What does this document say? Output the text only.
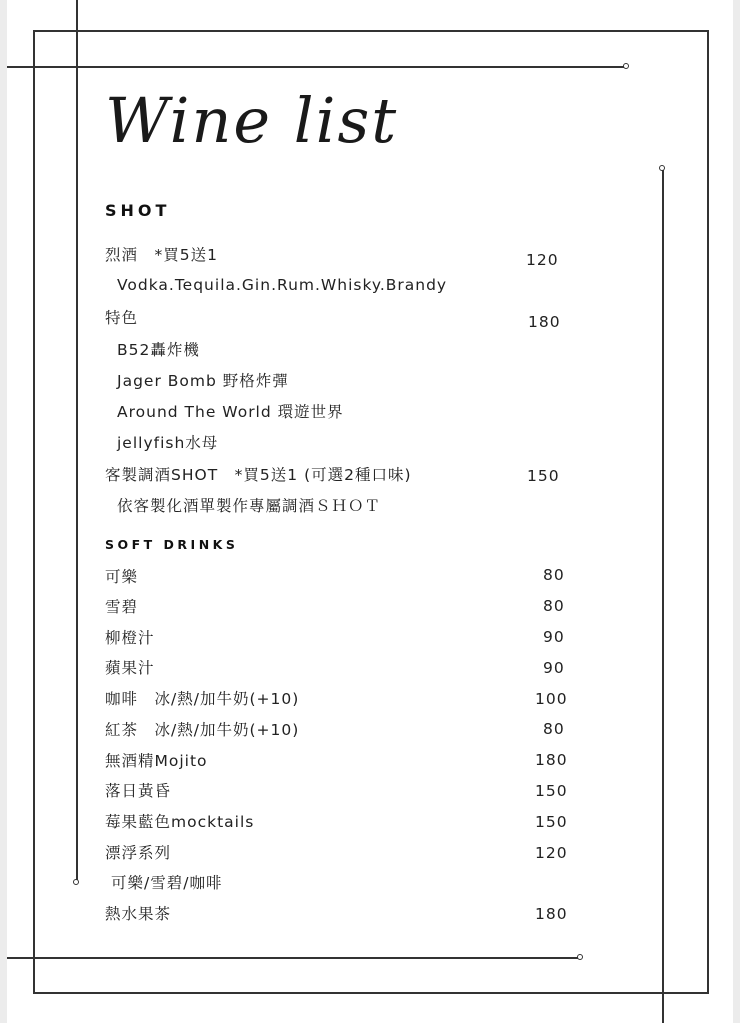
Wine list
SHOT
烈酒　*買5送1	120
Vodka.Tequila.Gin.Rum.Whisky.Brandy
特色	180
B52轟炸機
Jager Bomb 野格炸彈
Around The World 環遊世界
jellyfish水母
客製調酒SHOT　*買5送1 (可選2種口味)	150
依客製化酒單製作專屬調酒ＳＨＯＴ
SOFT DRINKS
可樂	80
雪碧	80
柳橙汁	90
蘋果汁	90
咖啡　冰/熱/加牛奶(+10)	100
紅茶　冰/熱/加牛奶(+10)	80
無酒精Mojito	180
落日黃昏	150
莓果藍色mocktails	150
漂浮系列	120
可樂/雪碧/咖啡
熱水果茶	180
